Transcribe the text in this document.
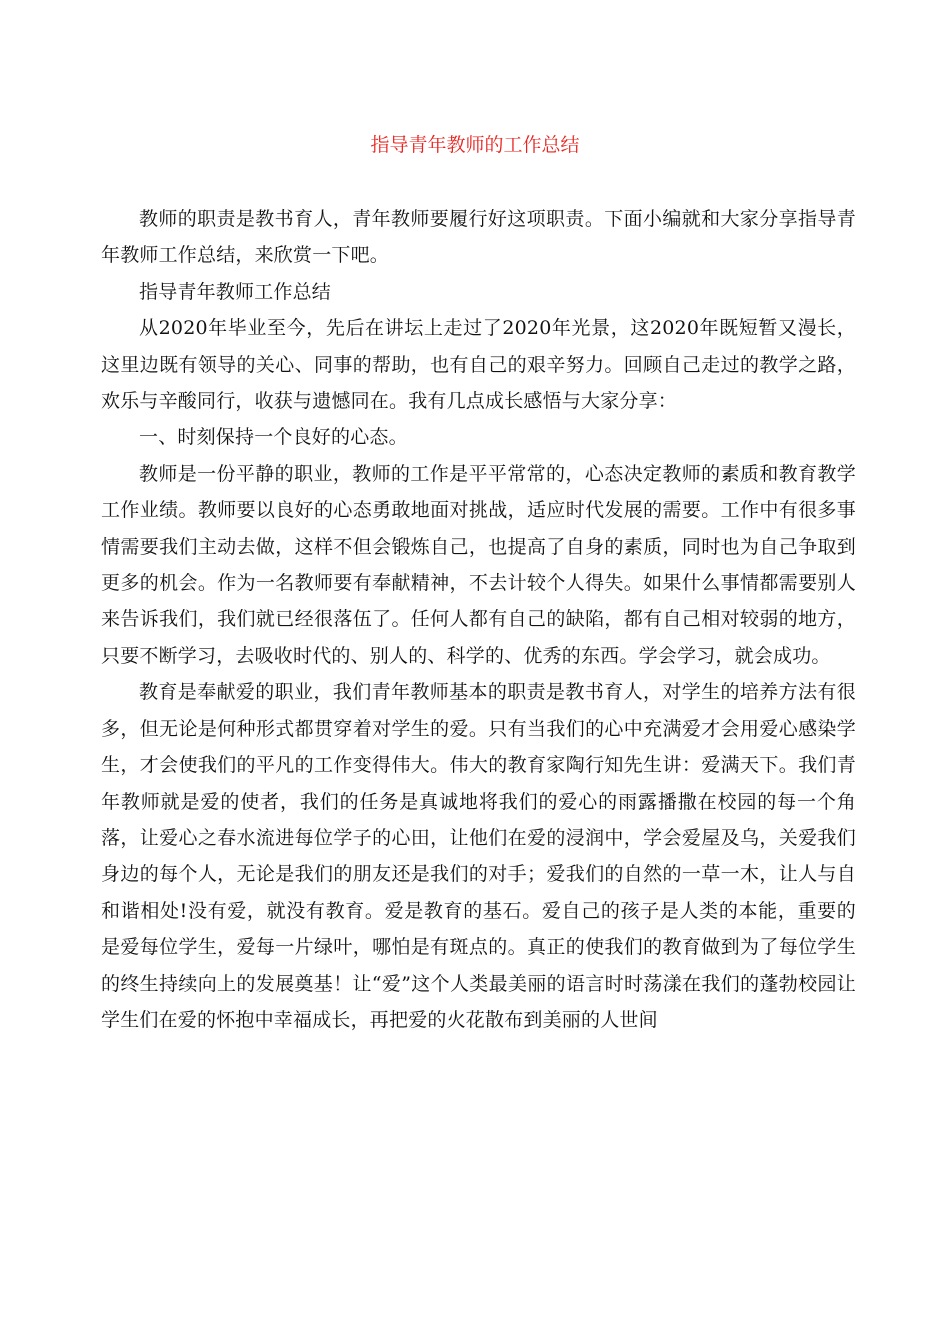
指导青年教师的工作总结

教师的职责是教书育人，青年教师要履行好这项职责。下面小编就和大家分享指导青年教师工作总结，来欣赏一下吧。

指导青年教师工作总结

从2020年毕业至今，先后在讲坛上走过了2020年光景，这2020年既短暂又漫长，这里边既有领导的关心、同事的帮助，也有自己的艰辛努力。回顾自己走过的教学之路，欢乐与辛酸同行，收获与遗憾同在。我有几点成长感悟与大家分享：

一、时刻保持一个良好的心态。

教师是一份平静的职业，教师的工作是平平常常的，心态决定教师的素质和教育教学工作业绩。教师要以良好的心态勇敢地面对挑战，适应时代发展的需要。工作中有很多事情需要我们主动去做，这样不但会锻炼自己，也提高了自身的素质，同时也为自己争取到更多的机会。作为一名教师要有奉献精神，不去计较个人得失。如果什么事情都需要别人来告诉我们，我们就已经很落伍了。任何人都有自己的缺陷，都有自己相对较弱的地方，只要不断学习，去吸收时代的、别人的、科学的、优秀的东西。学会学习，就会成功。

教育是奉献爱的职业，我们青年教师基本的职责是教书育人，对学生的培养方法有很多，但无论是何种形式都贯穿着对学生的爱。只有当我们的心中充满爱才会用爱心感染学生，才会使我们的平凡的工作变得伟大。伟大的教育家陶行知先生讲：爱满天下。我们青年教师就是爱的使者，我们的任务是真诚地将我们的爱心的雨露播撒在校园的每一个角落，让爱心之春水流进每位学子的心田，让他们在爱的浸润中，学会爱屋及乌，关爱我们身边的每个人，无论是我们的朋友还是我们的对手；爱我们的自然的一草一木，让人与自和谐相处!没有爱，就没有教育。爱是教育的基石。爱自己的孩子是人类的本能，重要的是爱每位学生，爱每一片绿叶，哪怕是有斑点的。真正的使我们的教育做到为了每位学生的终生持续向上的发展奠基！让“爱”这个人类最美丽的语言时时荡漾在我们的蓬勃校园让学生们在爱的怀抱中幸福成长，再把爱的火花散布到美丽的人世间
